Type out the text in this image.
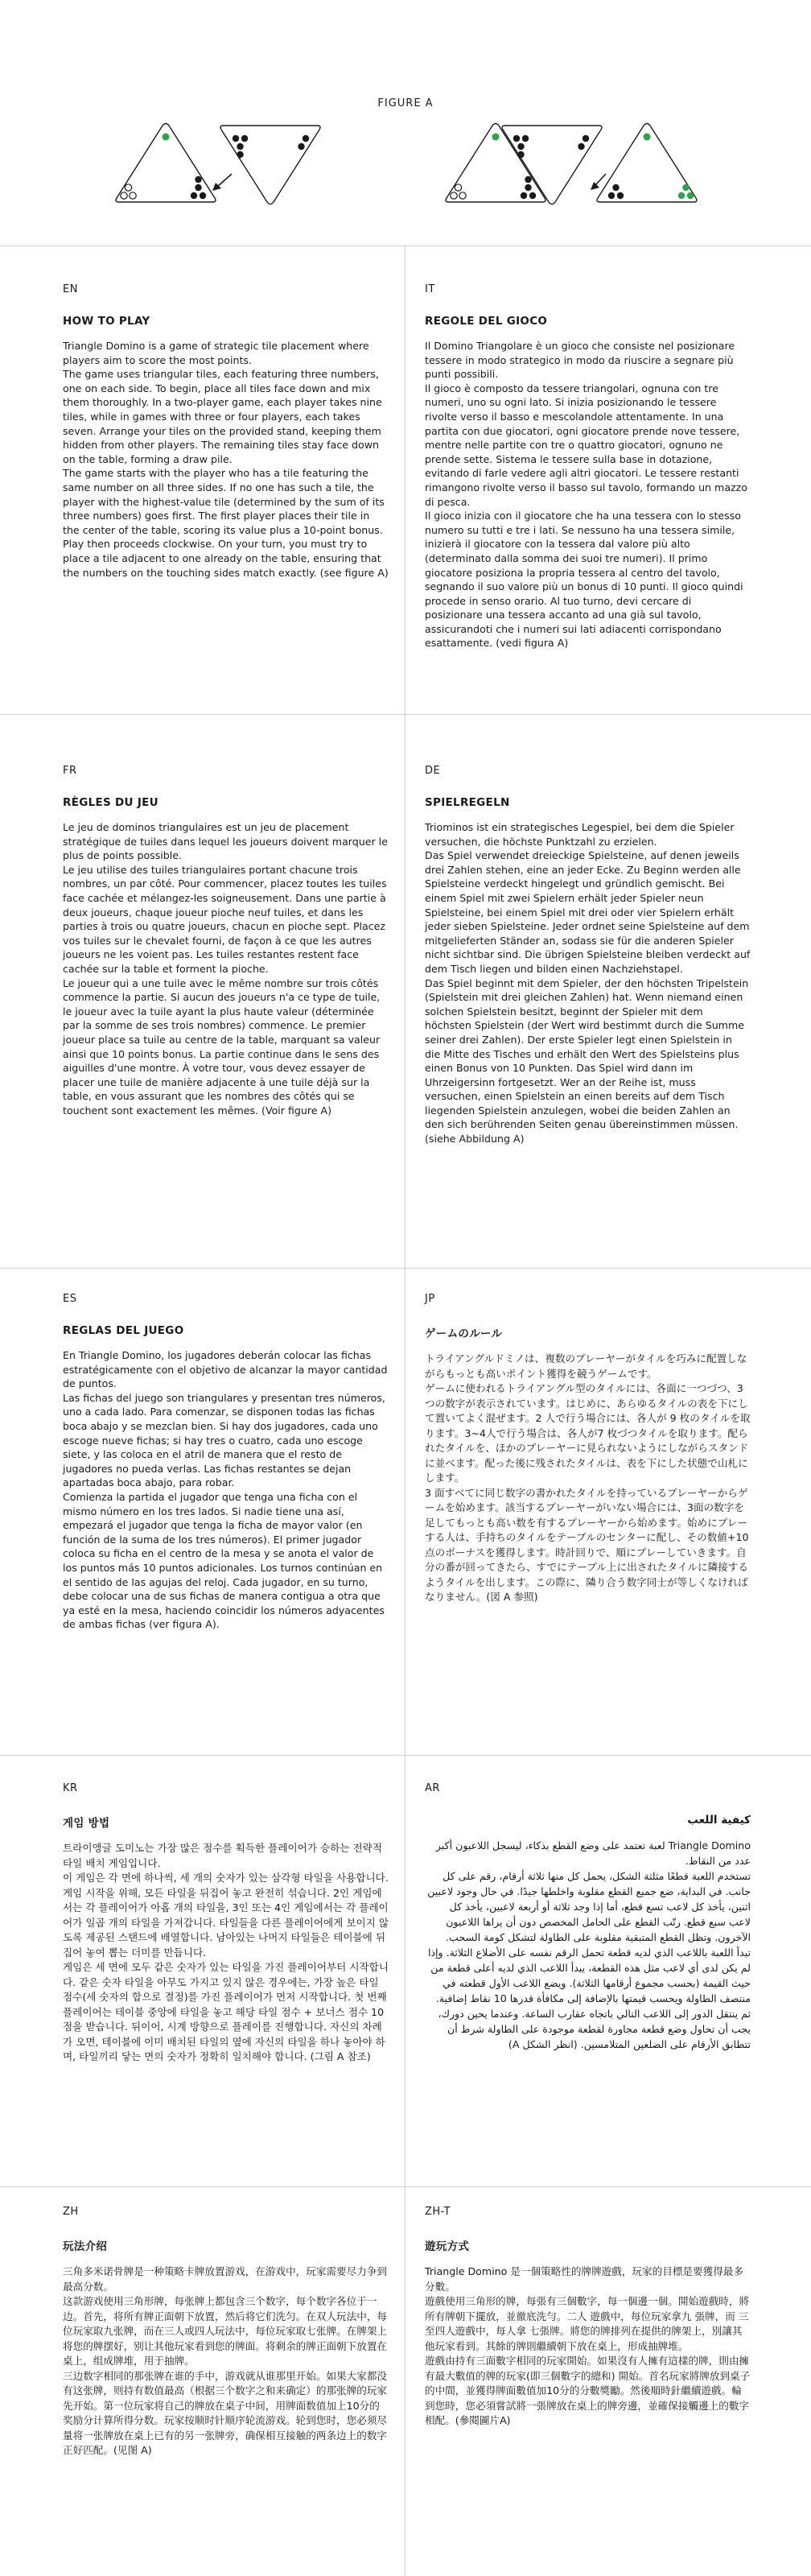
FIGURE A
EN
HOW TO PLAY

Triangle Domino is a game of strategic tile placement where players aim to score the most points.
The game uses triangular tiles, each featuring three numbers, one on each side. To begin, place all tiles face down and mix them thoroughly. In a two-player game, each player takes nine tiles, while in games with three or four players, each takes seven. Arrange your tiles on the provided stand, keeping them hidden from other players. The remaining tiles stay face down on the table, forming a draw pile.
The game starts with the player who has a tile featuring the same number on all three sides. If no one has such a tile, the player with the highest-value tile (determined by the sum of its three numbers) goes first. The first player places their tile in the center of the table, scoring its value plus a 10-point bonus. Play then proceeds clockwise. On your turn, you must try to place a tile adjacent to one already on the table, ensuring that the numbers on the touching sides match exactly. (see figure A)

IT
REGOLE DEL GIOCO

Il Domino Triangolare è un gioco che consiste nel posizionare tessere in modo strategico in modo da riuscire a segnare più punti possibili.
Il gioco è composto da tessere triangolari, ognuna con tre numeri, uno su ogni lato. Si inizia posizionando le tessere rivolte verso il basso e mescolandole attentamente. In una partita con due giocatori, ogni giocatore prende nove tessere, mentre nelle partite con tre o quattro giocatori, ognuno ne prende sette. Sistema le tessere sulla base in dotazione, evitando di farle vedere agli altri giocatori. Le tessere restanti rimangono rivolte verso il basso sul tavolo, formando un mazzo di pesca.
Il gioco inizia con il giocatore che ha una tessera con lo stesso numero su tutti e tre i lati. Se nessuno ha una tessera simile, inizierà il giocatore con la tessera dal valore più alto (determinato dalla somma dei suoi tre numeri). Il primo giocatore posiziona la propria tessera al centro del tavolo, segnando il suo valore più un bonus di 10 punti. Il gioco quindi procede in senso orario. Al tuo turno, devi cercare di posizionare una tessera accanto ad una già sul tavolo, assicurandoti che i numeri sui lati adiacenti corrispondano esattamente. (vedi figura A)

FR
RÈGLES DU JEU

Le jeu de dominos triangulaires est un jeu de placement stratégique de tuiles dans lequel les joueurs doivent marquer le plus de points possible.
Le jeu utilise des tuiles triangulaires portant chacune trois nombres, un par côté. Pour commencer, placez toutes les tuiles face cachée et mélangez-les soigneusement. Dans une partie à deux joueurs, chaque joueur pioche neuf tuiles, et dans les parties à trois ou quatre joueurs, chacun en pioche sept. Placez vos tuiles sur le chevalet fourni, de façon à ce que les autres joueurs ne les voient pas. Les tuiles restantes restent face cachée sur la table et forment la pioche.
Le joueur qui a une tuile avec le même nombre sur trois côtés commence la partie. Si aucun des joueurs n'a ce type de tuile, le joueur avec la tuile ayant la plus haute valeur (déterminée par la somme de ses trois nombres) commence. Le premier joueur place sa tuile au centre de la table, marquant sa valeur ainsi que 10 points bonus. La partie continue dans le sens des aiguilles d'une montre. À votre tour, vous devez essayer de placer une tuile de manière adjacente à une tuile déjà sur la table, en vous assurant que les nombres des côtés qui se touchent sont exactement les mêmes. (Voir figure A)

DE
SPIELREGELN

Triominos ist ein strategisches Legespiel, bei dem die Spieler versuchen, die höchste Punktzahl zu erzielen.
Das Spiel verwendet dreieckige Spielsteine, auf denen jeweils drei Zahlen stehen, eine an jeder Ecke. Zu Beginn werden alle Spielsteine verdeckt hingelegt und gründlich gemischt. Bei einem Spiel mit zwei Spielern erhält jeder Spieler neun Spielsteine, bei einem Spiel mit drei oder vier Spielern erhält jeder sieben Spielsteine. Jeder ordnet seine Spielsteine auf dem mitgelieferten Ständer an, sodass sie für die anderen Spieler nicht sichtbar sind. Die übrigen Spielsteine bleiben verdeckt auf dem Tisch liegen und bilden einen Nachziehstapel.
Das Spiel beginnt mit dem Spieler, der den höchsten Tripelstein (Spielstein mit drei gleichen Zahlen) hat. Wenn niemand einen solchen Spielstein besitzt, beginnt der Spieler mit dem höchsten Spielstein (der Wert wird bestimmt durch die Summe seiner drei Zahlen). Der erste Spieler legt einen Spielstein in die Mitte des Tisches und erhält den Wert des Spielsteins plus einen Bonus von 10 Punkten. Das Spiel wird dann im Uhrzeigersinn fortgesetzt. Wer an der Reihe ist, muss versuchen, einen Spielstein an einen bereits auf dem Tisch liegenden Spielstein anzulegen, wobei die beiden Zahlen an den sich berührenden Seiten genau übereinstimmen müssen. (siehe Abbildung A)

ES
REGLAS DEL JUEGO

En Triangle Domino, los jugadores deberán colocar las fichas estratégicamente con el objetivo de alcanzar la mayor cantidad de puntos.
Las fichas del juego son triangulares y presentan tres números, uno a cada lado. Para comenzar, se disponen todas las fichas boca abajo y se mezclan bien. Si hay dos jugadores, cada uno escoge nueve fichas; si hay tres o cuatro, cada uno escoge siete, y las coloca en el atril de manera que el resto de jugadores no pueda verlas. Las fichas restantes se dejan apartadas boca abajo, para robar.
Comienza la partida el jugador que tenga una ficha con el mismo número en los tres lados. Si nadie tiene una así, empezará el jugador que tenga la ficha de mayor valor (en función de la suma de los tres números). El primer jugador coloca su ficha en el centro de la mesa y se anota el valor de los puntos más 10 puntos adicionales. Los turnos continúan en el sentido de las agujas del reloj. Cada jugador, en su turno, debe colocar una de sus fichas de manera contigua a otra que ya esté en la mesa, haciendo coincidir los números adyacentes de ambas fichas (ver figura A).

JP
ゲームのルール

トライアングルドミノは、複数のプレーヤーがタイルを巧みに配置しながらもっとも高いポイント獲得を競うゲームです。
ゲームに使われるトライアングル型のタイルには、各面に一つづつ、3つの数字が表示されています。はじめに、あらゆるタイルの表を下にして置いてよく混ぜます。2 人で行う場合には、各人が 9 枚のタイルを取ります。3~4人で行う場合は、各人が7 枚づつタイルを取ります。配られたタイルを、ほかのプレーヤーに見られないようにしながらスタンドに並べます。配った後に残されたタイルは、表を下にした状態で山札にします。
3 面すべてに同じ数字の書かれたタイルを持っているプレーヤーからゲームを始めます。該当するプレーヤーがいない場合には、3面の数字を足してもっとも高い数を有するプレーヤーから始めます。始めにプレーする人は、手持ちのタイルをテーブルのセンターに配し、その数値+10点のボーナスを獲得します。時計回りで、順にプレーしていきます。自分の番が回ってきたら、すでにテーブル上に出されたタイルに隣接するようタイルを出します。この際に、隣り合う数字同士が等しくなければなりません。(図 A 参照)

KR
게임 방법

트라이앵글 도미노는 가장 많은 점수를 획득한 플레이어가 승하는 전략적 타일 배치 게임입니다.
이 게임은 각 면에 하나씩, 세 개의 숫자가 있는 삼각형 타일을 사용합니다. 게임 시작을 위해, 모든 타일을 뒤집어 놓고 완전히 섞습니다. 2인 게임에서는 각 플레이어가 아홉 개의 타일을, 3인 또는 4인 게임에서는 각 플레이어가 일곱 개의 타일을 가져갑니다. 타일들을 다른 플레이어에게 보이지 않도록 제공된 스탠드에 배열합니다. 남아있는 나머지 타일들은 테이블에 뒤집어 놓여 뽑는 더미를 만듭니다.
게임은 세 면에 모두 같은 숫자가 있는 타일을 가진 플레이어부터 시작합니다. 같은 숫자 타일을 아무도 가지고 있지 않은 경우에는, 가장 높은 타일 점수(세 숫자의 합으로 결정)를 가진 플레이어가 먼저 시작합니다. 첫 번째 플레이어는 테이블 중앙에 타일을 놓고 해당 타일 점수 + 보너스 점수 10점을 받습니다. 뒤이어, 시계 방향으로 플레이를 진행합니다. 자신의 차례가 오면, 테이블에 이미 배치된 타일의 옆에 자신의 타일을 하나 놓아야 하며, 타일끼리 닿는 면의 숫자가 정확히 일치해야 합니다. (그림 A 참조)

AR
كيفية اللعب

Triangle Domino لعبة تعتمد على وضع القطع بذكاء، ليسجل اللاعبون أكبر عدد من النقاط.
تستخدم اللعبة قطعًا مثلثة الشكل، يحمل كل منها ثلاثة أرقام، رقم على كل جانب. في البداية، ضع جميع القطع مقلوبة واخلطها جيدًا. في حال وجود لاعبين اثنين، يأخذ كل لاعب تسع قطع، أما إذا وجد ثلاثة أو أربعة لاعبين، يأخذ كل لاعب سبع قطع. رتّب القطع على الحامل المخصص دون أن يراها اللاعبون الآخرون. وتظل القطع المتبقية مقلوبة على الطاولة لتشكل كومة السحب.
تبدأ اللعبة باللاعب الذي لديه قطعة تحمل الرقم نفسه على الأضلاع الثلاثة. وإذا لم يكن لدى أي لاعب مثل هذه القطعة، يبدأ اللاعب الذي لديه أعلى قطعة من حيث القيمة (بحسب مجموع أرقامها الثلاثة). ويضع اللاعب الأول قطعته في منتصف الطاولة ويحسب قيمتها بالإضافة إلى مكافأة قدرها 10 نقاط إضافية. ثم ينتقل الدور إلى اللاعب التالي باتجاه عقارب الساعة. وعندما يحين دورك، يجب أن تحاول وضع قطعة مجاورة لقطعة موجودة على الطاولة شرط أن تتطابق الأرقام على الضلعين المتلامسين. (انظر الشكل A)

ZH
玩法介绍

三角多米诺骨牌是一种策略卡牌放置游戏，在游戏中，玩家需要尽力争到最高分数。
这款游戏使用三角形牌，每张牌上都包含三个数字，每个数字各位于一边。首先，将所有牌正面朝下放置，然后将它们洗匀。在双人玩法中，每位玩家取九张牌，而在三人或四人玩法中，每位玩家取七张牌。在牌架上将您的牌摆好，别让其他玩家看到您的牌面。将剩余的牌正面朝下放置在桌上，组成牌堆，用于抽牌。
三边数字相同的那张牌在谁的手中，游戏就从谁那里开始。如果大家都没有这张牌，则持有数值最高（根据三个数字之和来确定）的那张牌的玩家先开始。第一位玩家将自己的牌放在桌子中间，用牌面数值加上10分的奖励分计算所得分数。玩家按顺时针顺序轮流游戏。轮到您时，您必须尽量将一张牌放在桌上已有的另一张牌旁，确保相互接触的两条边上的数字正好匹配。(见图 A)

ZH-T
遊玩方式

Triangle Domino 是一個策略性的牌牌遊戲，玩家的目標是要獲得最多分數。
遊戲使用三角形的牌，每張有三個數字，每一個邊一個。開始遊戲時，將所有牌朝下擺放，並徹底洗勻。二人 遊戲中，每位玩家拿九 張牌，而 三至四人遊戲中，每人拿 七張牌。將您的牌排列在提供的牌架上，別讓其他玩家看到。其餘的牌則繼續朝下放在桌上，形成抽牌堆。
遊戲由持有三面數字相同的玩家開始。如果沒有人擁有這樣的牌，則由擁有最大數值的牌的玩家(即三個數字的總和) 開始。首名玩家將牌放到桌子的中間，並獲得牌面數值加10分的分數獎勵。然後順時針繼續遊戲。輪到您時，您必須嘗試將一張牌放在桌上的牌旁邊，並確保接觸邊上的數字相配。(參閱圖片A)
